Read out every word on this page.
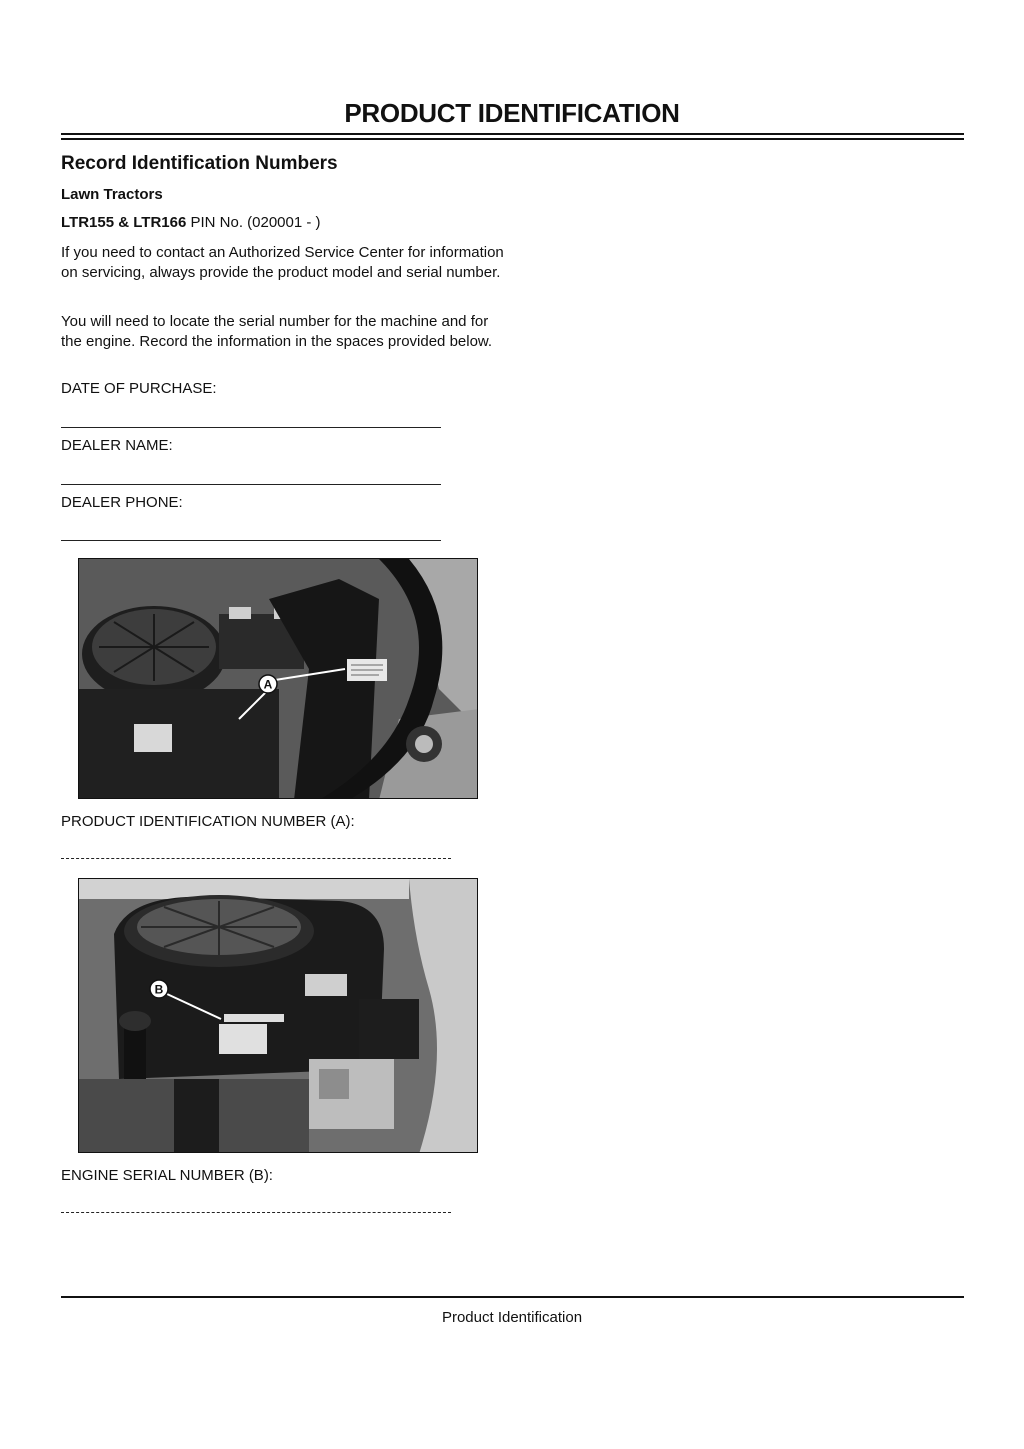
PRODUCT IDENTIFICATION
Record Identification Numbers

Lawn Tractors

LTR155 & LTR166 PIN No. (020001 - )

If you need to contact an Authorized Service Center for information on servicing, always provide the product model and serial number.

You will need to locate the serial number for the machine and for the engine. Record the information in the spaces provided below.

DATE OF PURCHASE:

DEALER NAME:

DEALER PHONE:

A

PRODUCT IDENTIFICATION NUMBER (A):

B

ENGINE SERIAL NUMBER (B):

Product Identification
